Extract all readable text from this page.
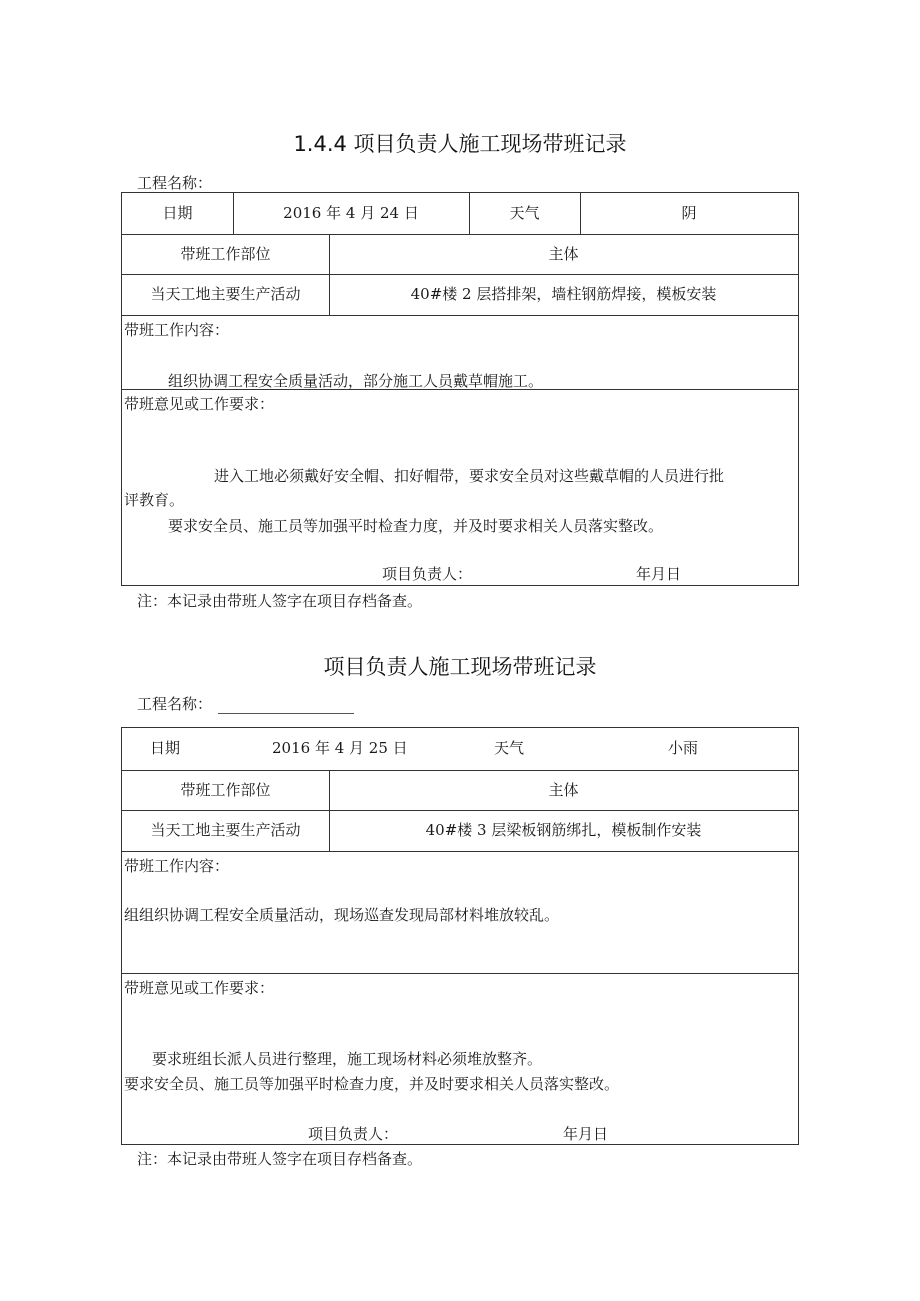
1.4.4 项目负责人施工现场带班记录
工程名称：
日期	2016 年 4 月 24 日	天气	阴
带班工作部位	主体
当天工地主要生产活动	40#楼 2 层搭排架，墙柱钢筋焊接，模板安装
带班工作内容：
组织协调工程安全质量活动，部分施工人员戴草帽施工。
带班意见或工作要求：
进入工地必须戴好安全帽、扣好帽带，要求安全员对这些戴草帽的人员进行批
评教育。
要求安全员、施工员等加强平时检查力度，并及时要求相关人员落实整改。
项目负责人：	年月日
注：本记录由带班人签字在项目存档备查。
项目负责人施工现场带班记录
工程名称：
日期	2016 年 4 月 25 日	天气	小雨
带班工作部位	主体
当天工地主要生产活动	40#楼 3 层梁板钢筋绑扎，模板制作安装
带班工作内容：
组组织协调工程安全质量活动，现场巡查发现局部材料堆放较乱。
带班意见或工作要求：
要求班组长派人员进行整理，施工现场材料必须堆放整齐。
要求安全员、施工员等加强平时检查力度，并及时要求相关人员落实整改。
项目负责人：	年月日
注：本记录由带班人签字在项目存档备查。
